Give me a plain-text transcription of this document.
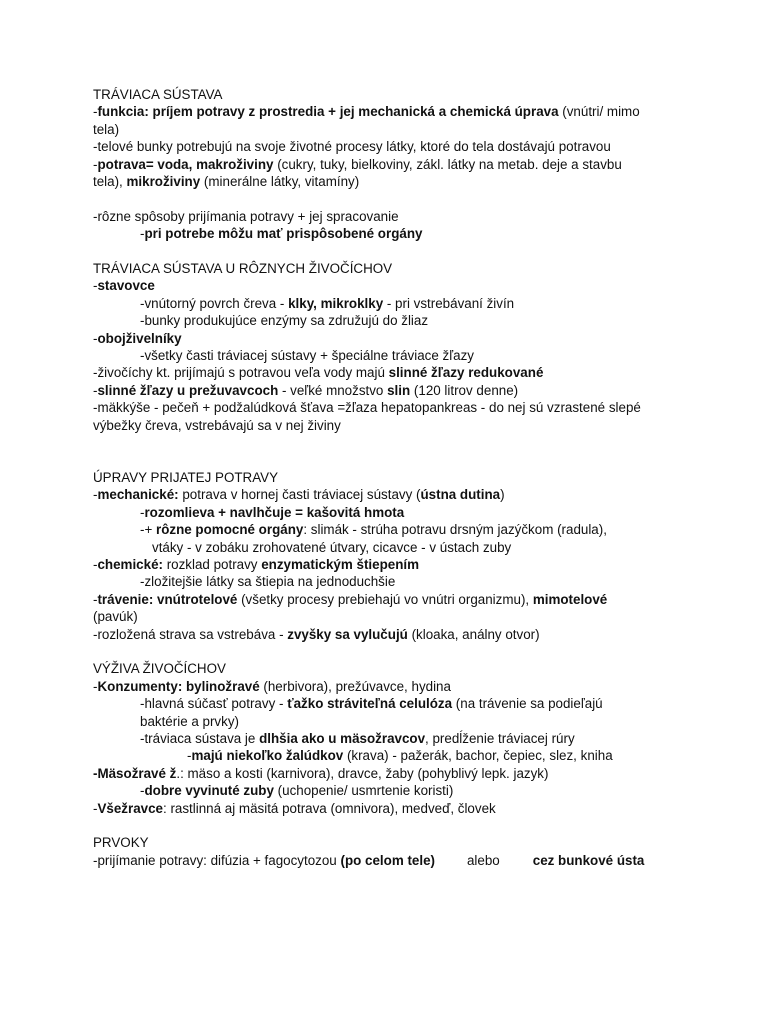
TRÁVIACA SÚSTAVA
-funkcia: príjem potravy z prostredia + jej mechanická a chemická úprava (vnútri/ mimo
tela)
-telové bunky potrebujú na svoje životné procesy látky, ktoré do tela dostávajú potravou
-potrava= voda, makroživiny (cukry, tuky, bielkoviny, zákl. látky na metab. deje a stavbu
tela), mikroživiny (minerálne látky, vitamíny)
-rôzne spôsoby prijímania potravy + jej spracovanie
-pri potrebe môžu mať prispôsobené orgány
TRÁVIACA SÚSTAVA U RÔZNYCH ŽIVOČÍCHOV
-stavovce
-vnútorný povrch čreva - klky, mikroklky - pri vstrebávaní živín
-bunky produkujúce enzýmy sa združujú do žliaz
-obojživelníky
-všetky časti tráviacej sústavy + špeciálne tráviace žľazy
-živočíchy kt. prijímajú s potravou veľa vody majú slinné žľazy redukované
-slinné žľazy u prežuvavcoch - veľké množstvo slin (120 litrov denne)
-mäkkýše - pečeň + podžalúdková šťava =žľaza hepatopankreas - do nej sú vzrastené slepé
výbežky čreva, vstrebávajú sa v nej živiny
ÚPRAVY PRIJATEJ POTRAVY
-mechanické: potrava v hornej časti tráviacej sústavy (ústna dutina)
-rozomlieva + navlhčuje = kašovitá hmota
-+ rôzne pomocné orgány: slimák - strúha potravu drsným jazýčkom (radula),
vtáky - v zobáku zrohovatené útvary, cicavce - v ústach zuby
-chemické: rozklad potravy enzymatickým štiepením
-zložitejšie látky sa štiepia na jednoduchšie
-trávenie: vnútrotelové (všetky procesy prebiehajú vo vnútri organizmu), mimotelové
(pavúk)
-rozložená strava sa vstrebáva - zvyšky sa vylučujú (kloaka, análny otvor)
VÝŽIVA ŽIVOČÍCHOV
-Konzumenty: bylinožravé (herbivora), prežúvavce, hydina
-hlavná súčasť potravy - ťažko stráviteľná celulóza (na trávenie sa podieľajú
baktérie a prvky)
-tráviaca sústava je dlhšia ako u mäsožravcov, predĺženie tráviacej rúry
-majú niekoľko žalúdkov (krava) - pažerák, bachor, čepiec, slez, kniha
-Mäsožravé ž.: mäso a kosti (karnivora), dravce, žaby (pohyblivý lepk. jazyk)
-dobre vyvinuté zuby (uchopenie/ usmrtenie koristi)
-Všežravce: rastlinná aj mäsitá potrava (omnivora), medveď, človek
PRVOKY
-prijímanie potravy: difúzia + fagocytozou (po celom tele) alebo cez bunkové ústa
